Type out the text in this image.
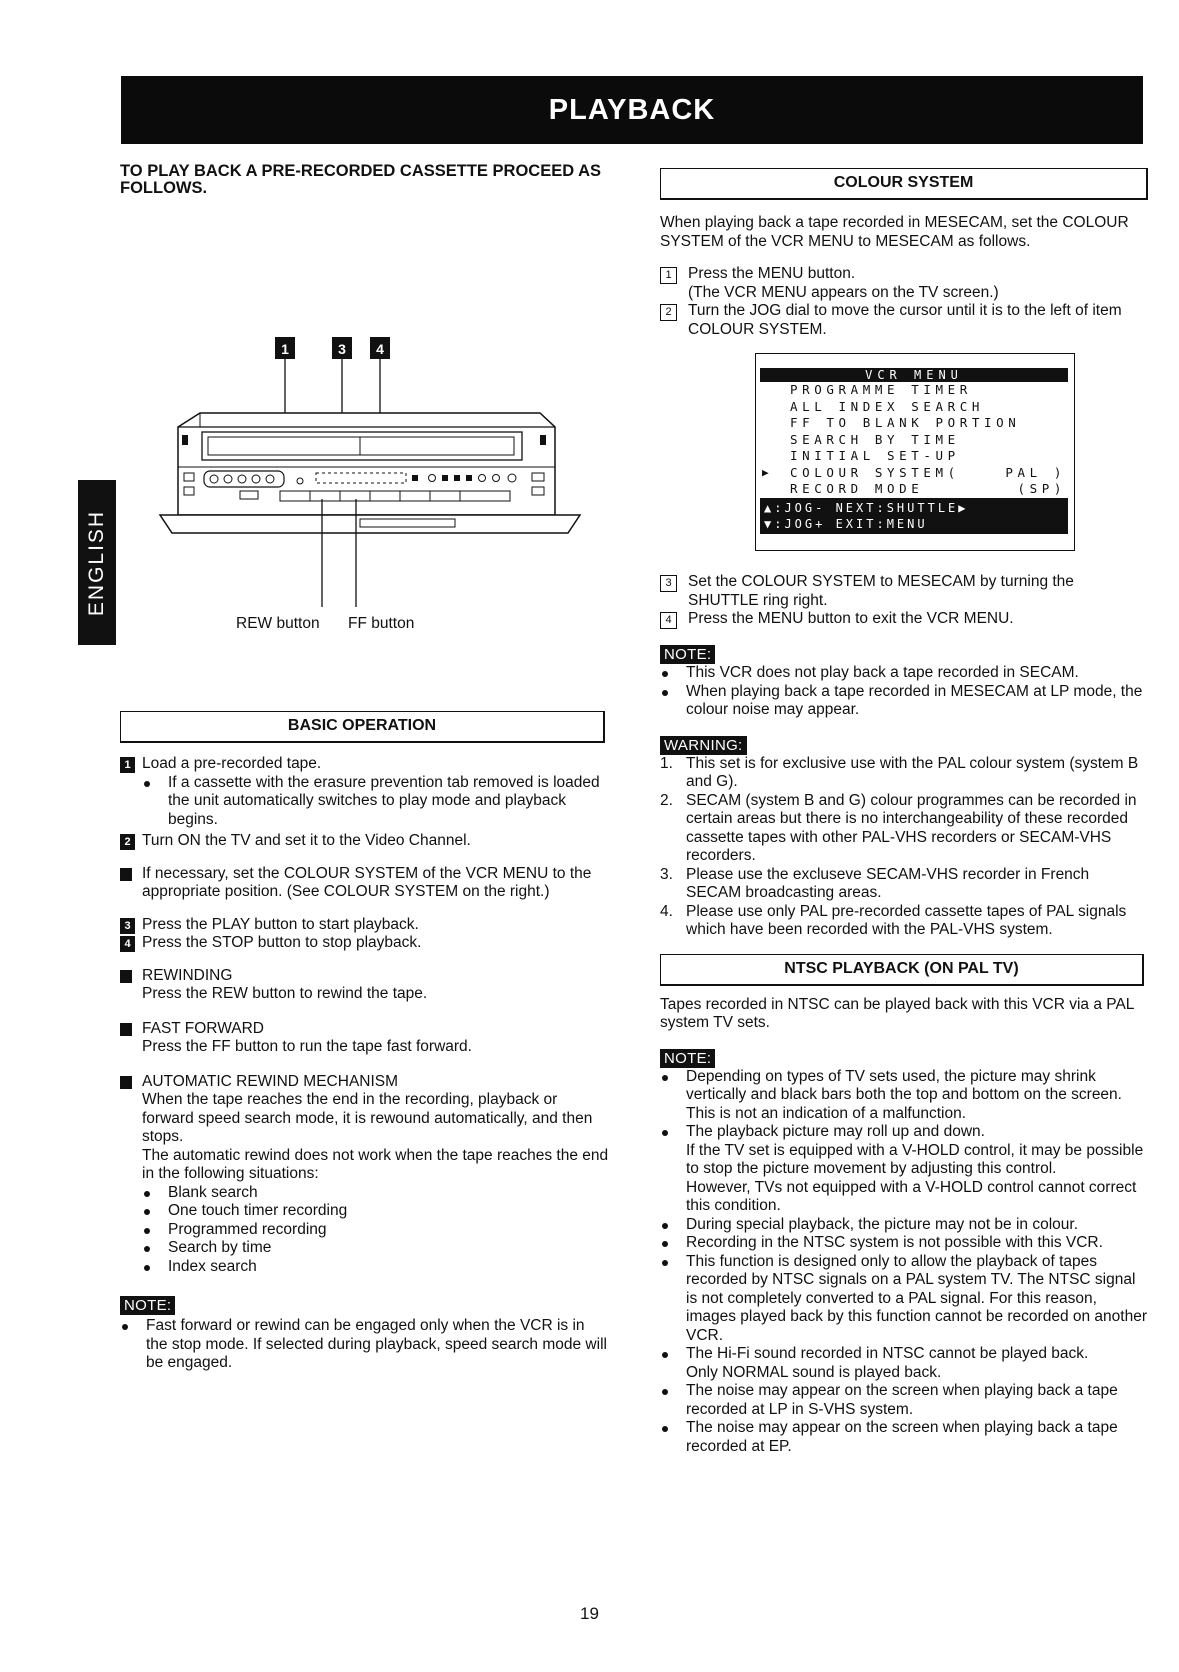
PLAYBACK
ENGLISH
TO PLAY BACK A PRE-RECORDED CASSETTE PROCEED AS FOLLOWS.
1	3 4
REW button FF button
BASIC OPERATION
1 Load a pre-recorded tape.

If a cassette with the erasure prevention tab removed is loaded the unit automatically switches to play mode and playback begins.
2 Turn ON the TV and set it to the Video Channel.

If necessary, set the COLOUR SYSTEM of the VCR MENU to the appropriate position. (See COLOUR SYSTEM on the right.)

3 Press the PLAY button to start playback.

4 Press the STOP button to stop playback.

REWINDING

Press the REW button to rewind the tape.

FAST FORWARD

Press the FF button to run the tape fast forward.

AUTOMATIC REWIND MECHANISM

When the tape reaches the end in the recording, playback or forward speed search mode, it is rewound automatically, and then stops.

The automatic rewind does not work when the tape reaches the end in the following situations:

Blank search
One touch timer recording
Programmed recording
Search by time
Index search
NOTE:
Fast forward or rewind can be engaged only when the VCR is in the stop mode. If selected during playback, speed search mode will be engaged.
COLOUR SYSTEM

When playing back a tape recorded in MESECAM, set the COLOUR SYSTEM of the VCR MENU to MESECAM as follows.

1	Press the MENU button.

(The VCR MENU appears on the TV screen.)

2	Turn the JOG dial to move the cursor until it is to the left of item COLOUR SYSTEM.

VCR MENU
PROGRAMME TIMER
ALL INDEX SEARCH
FF TO BLANK PORTION
SEARCH BY TIME
INITIAL SET-UP
▶ COLOUR SYSTEM(	PAL )
RECORD MODE	(SP)
▲:JOG- NEXT:SHUTTLE▶
▼:JOG+ EXIT:MENU
3	Set the COLOUR SYSTEM to MESECAM by turning the SHUTTLE ring right.

4	Press the MENU button to exit the VCR MENU.

NOTE:
This VCR does not play back a tape recorded in SECAM.
When playing back a tape recorded in MESECAM at LP mode, the colour noise may appear.
WARNING:
1. This set is for exclusive use with the PAL colour system (system B and G).
2. SECAM (system B and G) colour programmes can be recorded in certain areas but there is no interchangeability of these recorded cassette tapes with other PAL-VHS recorders or SECAM-VHS recorders.
3. Please use the excluseve SECAM-VHS recorder in French SECAM broadcasting areas.
4. Please use only PAL pre-recorded cassette tapes of PAL signals which have been recorded with the PAL-VHS system.
NTSC PLAYBACK (ON PAL TV)

Tapes recorded in NTSC can be played back with this VCR via a PAL system TV sets.

NOTE:
Depending on types of TV sets used, the picture may shrink vertically and black bars both the top and bottom on the screen. This is not an indication of a malfunction.
The playback picture may roll up and down.
If the TV set is equipped with a V-HOLD control, it may be possible to stop the picture movement by adjusting this control.
However, TVs not equipped with a V-HOLD control cannot correct this condition.
During special playback, the picture may not be in colour.
Recording in the NTSC system is not possible with this VCR.
This function is designed only to allow the playback of tapes recorded by NTSC signals on a PAL system TV. The NTSC signal is not completely converted to a PAL signal. For this reason, images played back by this function cannot be recorded on another VCR.
The Hi-Fi sound recorded in NTSC cannot be played back.
Only NORMAL sound is played back.
The noise may appear on the screen when playing back a tape recorded at LP in S-VHS system.
The noise may appear on the screen when playing back a tape recorded at EP.
19
